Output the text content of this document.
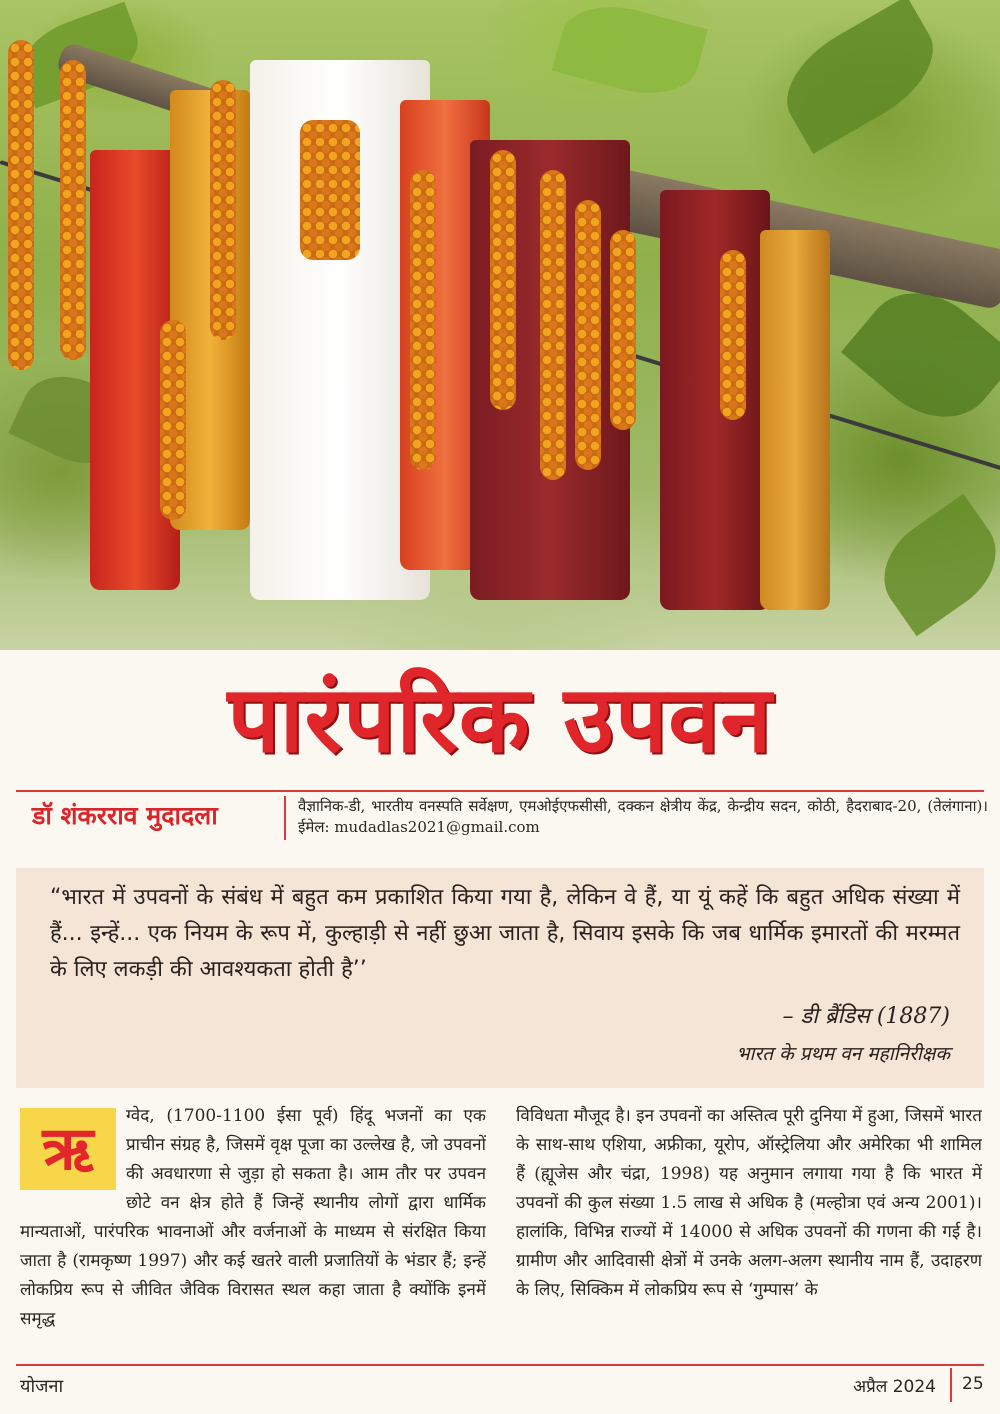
पारंपरिक उपवन
डॉ शंकरराव मुदादला	वैज्ञानिक-डी, भारतीय वनस्पति सर्वेक्षण, एमओईएफसीसी, दक्कन क्षेत्रीय केंद्र, केन्द्रीय सदन, कोठी, हैदराबाद-20, (तेलंगाना)। ईमेल: mudadlas2021@gmail.com

“भारत में उपवनों के संबंध में बहुत कम प्रकाशित किया गया है, लेकिन वे हैं, या यूं कहें कि बहुत अधिक संख्या में हैं... इन्हें... एक नियम के रूप में, कुल्हाड़ी से नहीं छुआ जाता है, सिवाय इसके कि जब धार्मिक इमारतों की मरम्मत के लिए लकड़ी की आवश्यकता होती है’’

– डी ब्रैंडिस (1887)
भारत के प्रथम वन महानिरीक्षक
ऋ	ग्वेद, (1700-1100 ईसा पूर्व) हिंदू भजनों का एक प्राचीन संग्रह है, जिसमें वृक्ष पूजा का उल्लेख है, जो उपवनों की अवधारणा से जुड़ा हो सकता है। आम तौर पर उपवन छोटे वन क्षेत्र होते हैं जिन्हें स्थानीय लोगों द्वारा धार्मिक मान्यताओं, पारंपरिक भावनाओं और वर्जनाओं के माध्यम से संरक्षित किया जाता है (रामकृष्ण 1997) और कई खतरे वाली प्रजातियों के भंडार हैं; इन्हें लोकप्रिय रूप से जीवित जैविक विरासत स्थल कहा जाता है क्योंकि इनमें समृद्ध
विविधता मौजूद है। इन उपवनों का अस्तित्व पूरी दुनिया में हुआ, जिसमें भारत के साथ-साथ एशिया, अफ्रीका, यूरोप, ऑस्ट्रेलिया और अमेरिका भी शामिल हैं (ह्यूजेस और चंद्रा, 1998) यह अनुमान लगाया गया है कि भारत में उपवनों की कुल संख्या 1.5 लाख से अधिक है (मल्होत्रा एवं अन्य 2001)। हालांकि, विभिन्न राज्यों में 14000 से अधिक उपवनों की गणना की गई है। ग्रामीण और आदिवासी क्षेत्रों में उनके अलग-अलग स्थानीय नाम हैं, उदाहरण के लिए, सिक्किम में लोकप्रिय रूप से ‘गुम्पास’ के
योजना	अप्रैल 2024 25
